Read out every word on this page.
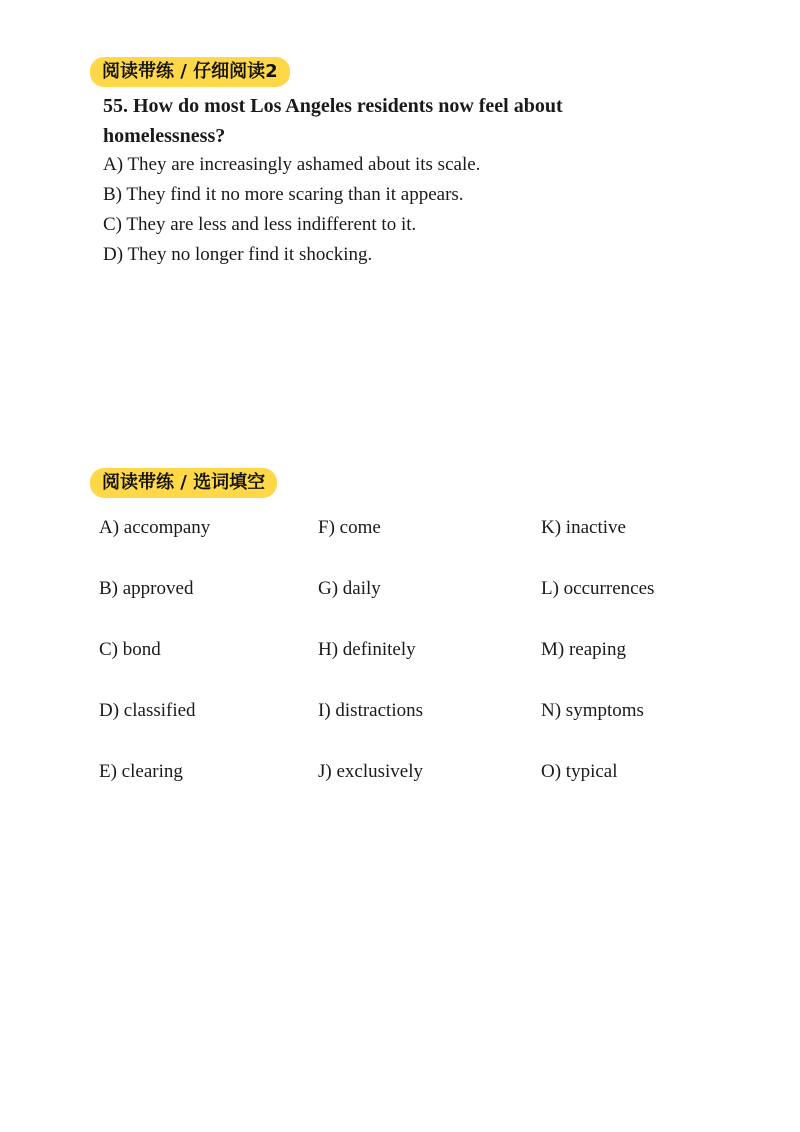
阅读带练 / 仔细阅读2
55. How do most Los Angeles residents now feel about homelessness?
A) They are increasingly ashamed about its scale.
B) They find it no more scaring than it appears.
C) They are less and less indifferent to it.
D) They no longer find it shocking.
阅读带练 / 选词填空
A) accompany	F) come	K) inactive
B) approved	G) daily	L) occurrences
C) bond	H) definitely	M) reaping
D) classified	I) distractions	N) symptoms
E) clearing	J) exclusively	O) typical
